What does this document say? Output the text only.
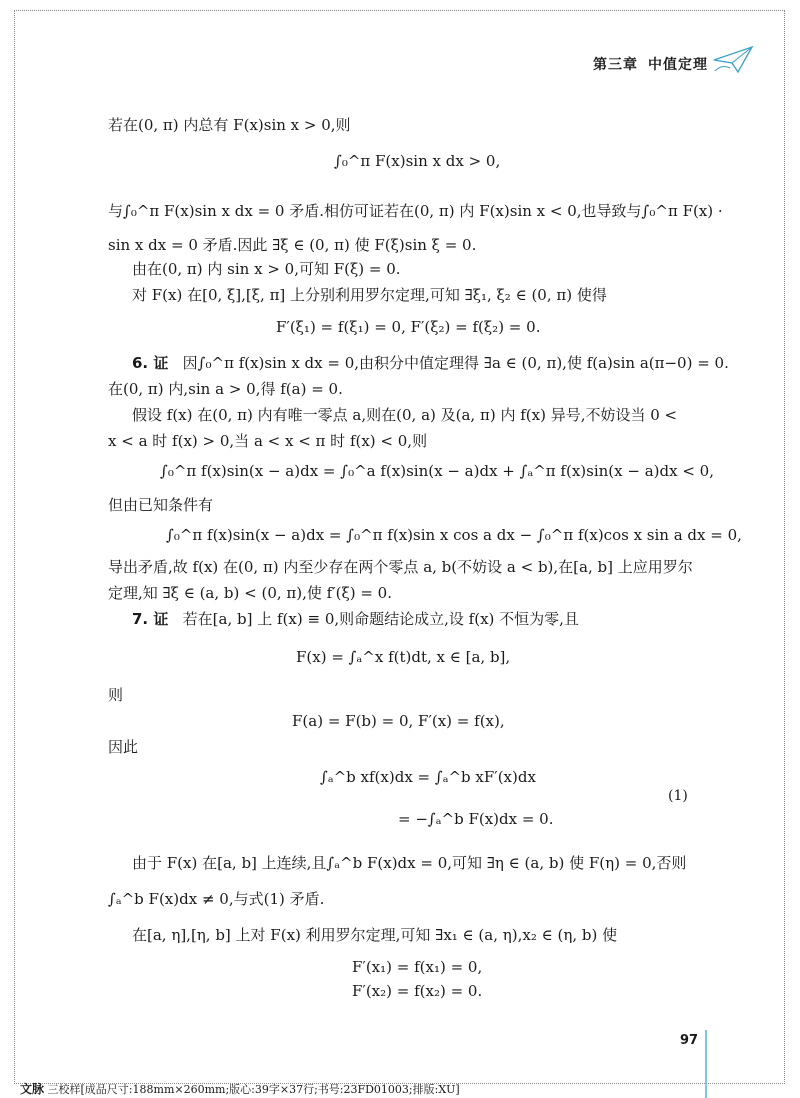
第三章 中值定理
若在(0, π) 内总有 F(x)sin x > 0,则
∫₀^π F(x)sin x dx > 0,
与∫₀^π F(x)sin x dx = 0 矛盾.相仿可证若在(0, π) 内 F(x)sin x < 0,也导致与∫₀^π F(x) ·
sin x dx = 0 矛盾.因此 ∃ξ ∈ (0, π) 使 F(ξ)sin ξ = 0.
由在(0, π) 内 sin x > 0,可知 F(ξ) = 0.
对 F(x) 在[0, ξ],[ξ, π] 上分别利用罗尔定理,可知 ∃ξ₁, ξ₂ ∈ (0, π) 使得
F′(ξ₁) = f(ξ₁) = 0, F′(ξ₂) = f(ξ₂) = 0.
6. 证 因∫₀^π f(x)sin x dx = 0,由积分中值定理得 ∃a ∈ (0, π),使 f(a)sin a(π−0) = 0.
在(0, π) 内,sin a > 0,得 f(a) = 0.
假设 f(x) 在(0, π) 内有唯一零点 a,则在(0, a) 及(a, π) 内 f(x) 异号,不妨设当 0 <
x < a 时 f(x) > 0,当 a < x < π 时 f(x) < 0,则
∫₀^π f(x)sin(x − a)dx = ∫₀^a f(x)sin(x − a)dx + ∫ₐ^π f(x)sin(x − a)dx < 0,
但由已知条件有
∫₀^π f(x)sin(x − a)dx = ∫₀^π f(x)sin x cos a dx − ∫₀^π f(x)cos x sin a dx = 0,
导出矛盾,故 f(x) 在(0, π) 内至少存在两个零点 a, b(不妨设 a < b),在[a, b] 上应用罗尔
定理,知 ∃ξ ∈ (a, b) < (0, π),使 f′(ξ) = 0.
7. 证 若在[a, b] 上 f(x) ≡ 0,则命题结论成立,设 f(x) 不恒为零,且
F(x) = ∫ₐ^x f(t)dt, x ∈ [a, b],
则
F(a) = F(b) = 0, F′(x) = f(x),
因此
∫ₐ^b xf(x)dx = ∫ₐ^b xF′(x)dx
= −∫ₐ^b F(x)dx = 0.
(1)
由于 F(x) 在[a, b] 上连续,且∫ₐ^b F(x)dx = 0,可知 ∃η ∈ (a, b) 使 F(η) = 0,否则
∫ₐ^b F(x)dx ≠ 0,与式(1) 矛盾.
在[a, η],[η, b] 上对 F(x) 利用罗尔定理,可知 ∃x₁ ∈ (a, η),x₂ ∈ (η, b) 使
F′(x₁) = f(x₁) = 0,
F′(x₂) = f(x₂) = 0.
97
文脉 三校样[成品尺寸:188mm×260mm;版心:39字×37行;书号:23FD01003;排版:XU]
